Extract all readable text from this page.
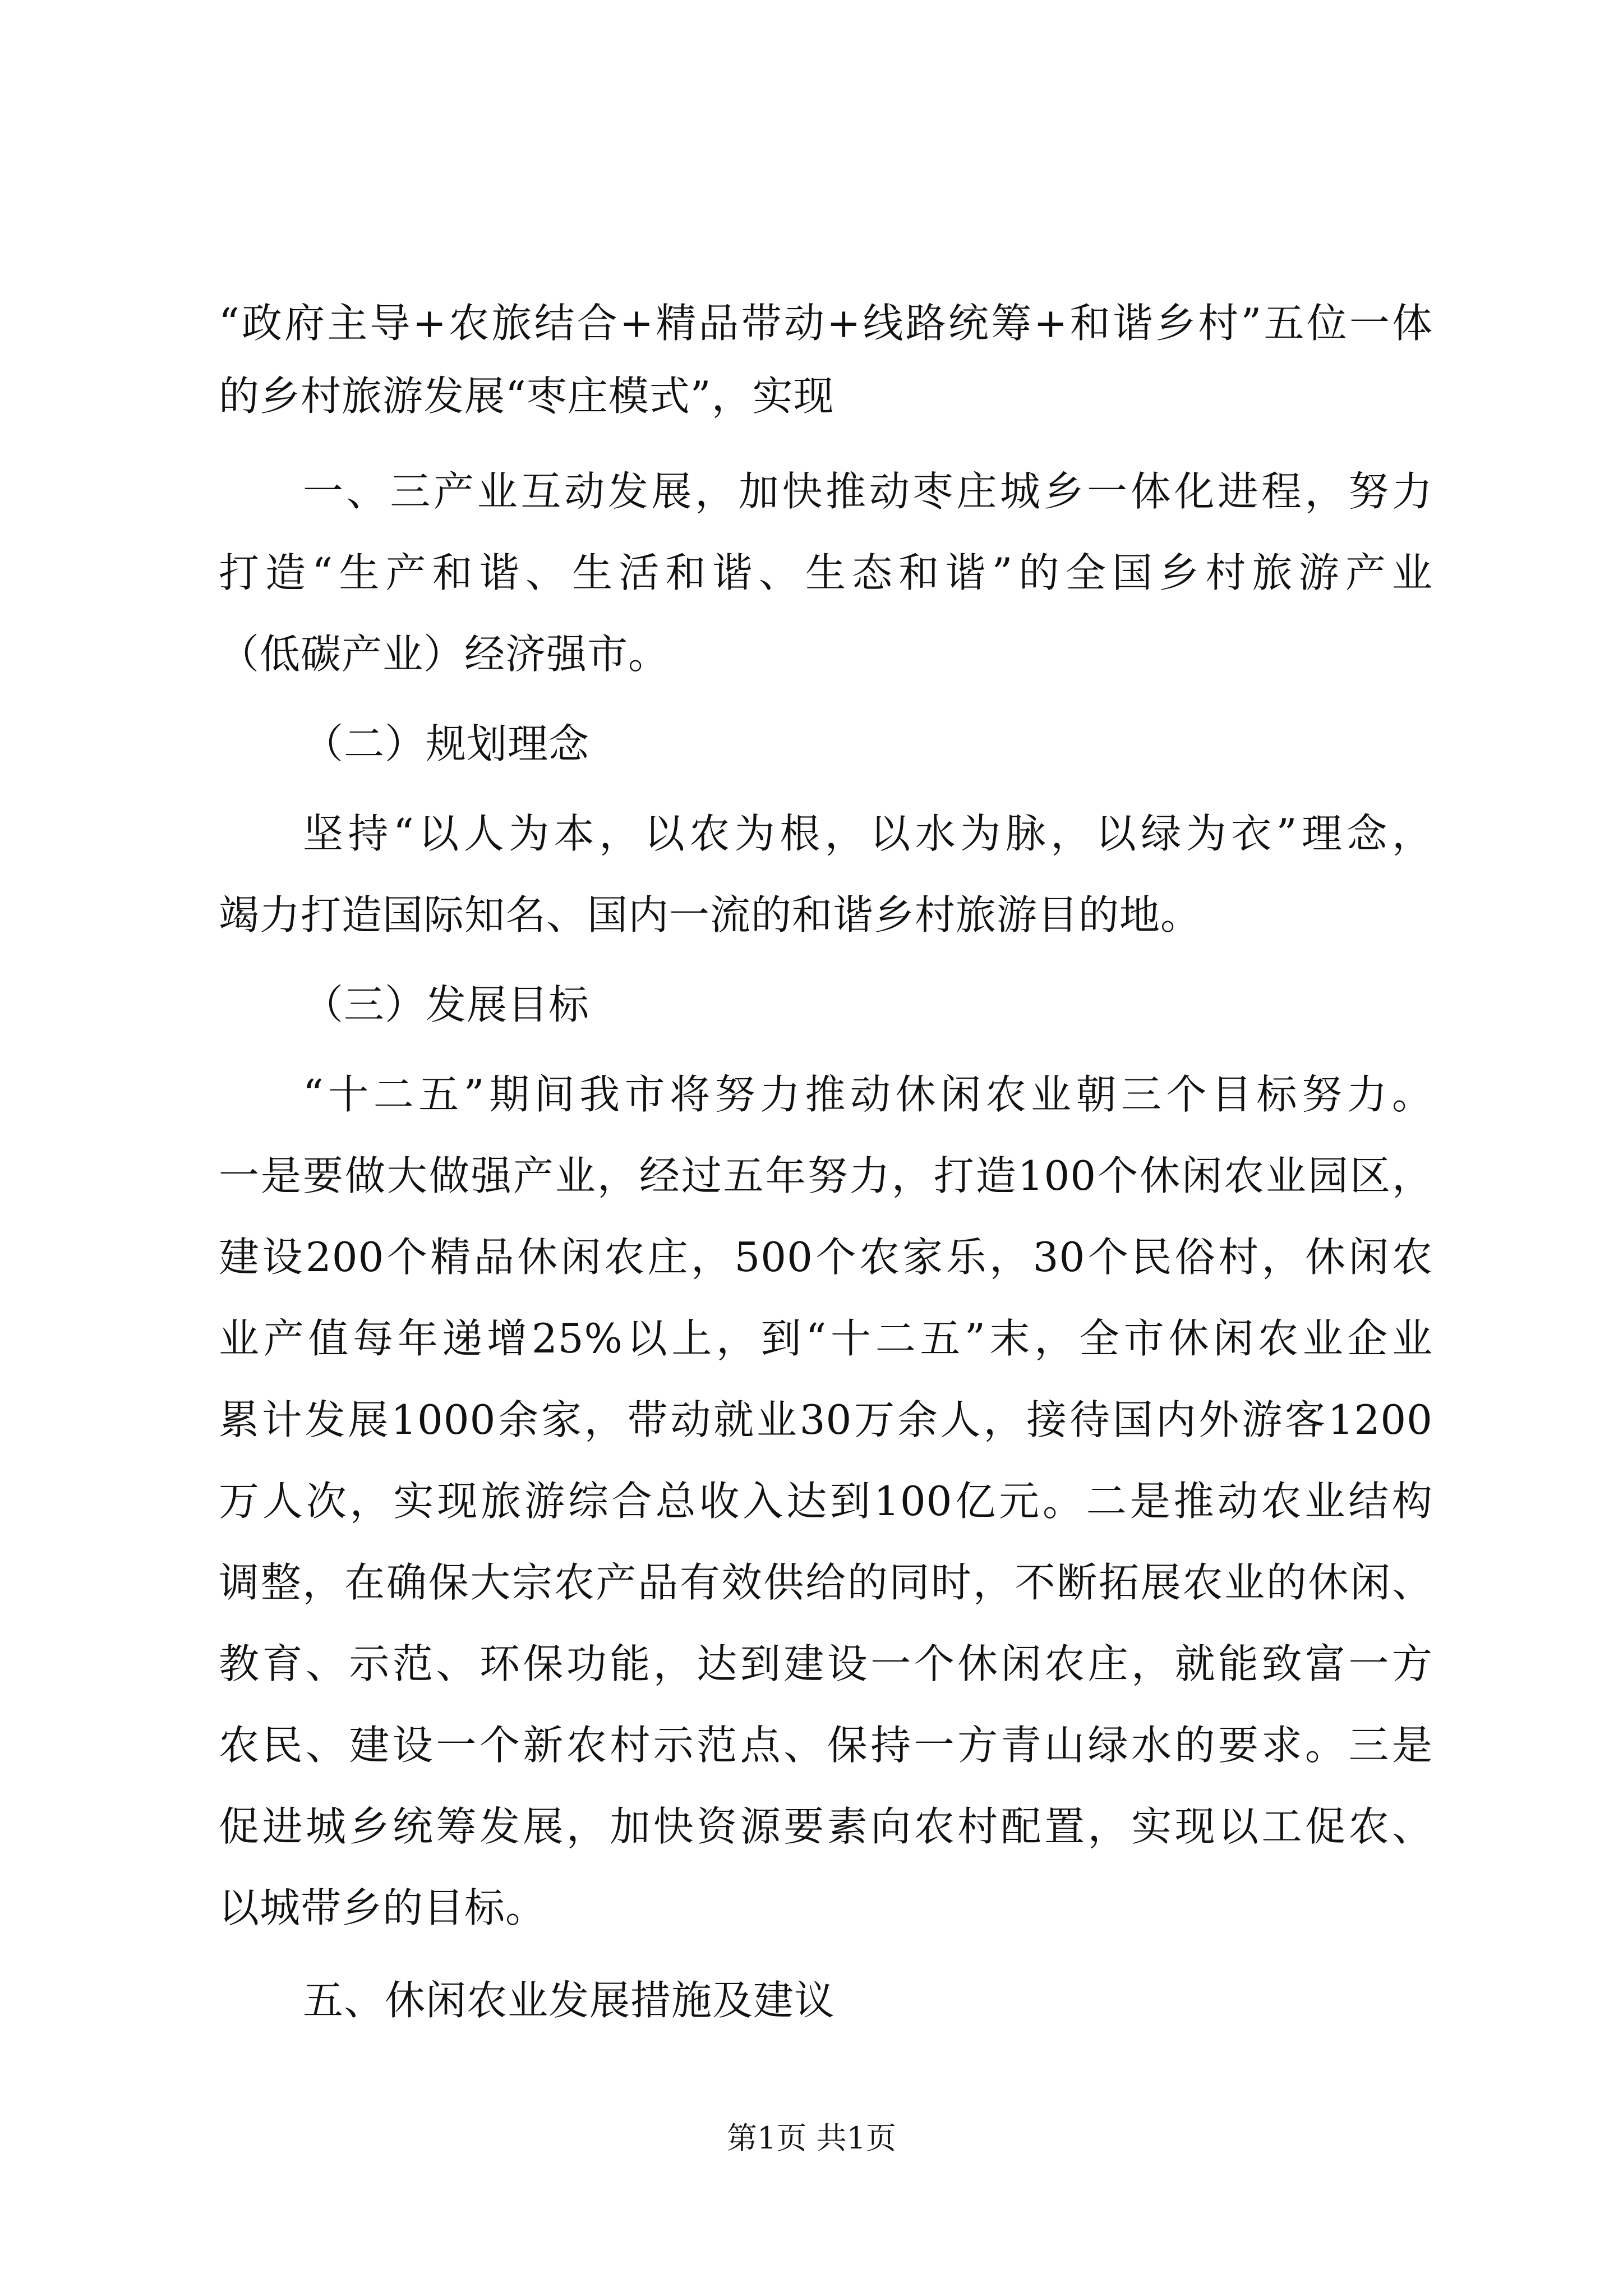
“政府主导+农旅结合+精品带动+线路统筹+和谐乡村”五位一体
的乡村旅游发展“枣庄模式”，实现
一、三产业互动发展，加快推动枣庄城乡一体化进程，努力
打造“生产和谐、生活和谐、生态和谐”的全国乡村旅游产业
（低碳产业）经济强市。
（二）规划理念
坚持“以人为本，以农为根，以水为脉，以绿为衣”理念，
竭力打造国际知名、国内一流的和谐乡村旅游目的地。
（三）发展目标
“十二五”期间我市将努力推动休闲农业朝三个目标努力。
一是要做大做强产业，经过五年努力，打造100个休闲农业园区，
建设200个精品休闲农庄，500个农家乐，30个民俗村，休闲农
业产值每年递增25%以上，到“十二五”末，全市休闲农业企业
累计发展1000余家，带动就业30万余人，接待国内外游客1200
万人次，实现旅游综合总收入达到100亿元。二是推动农业结构
调整，在确保大宗农产品有效供给的同时，不断拓展农业的休闲、
教育、示范、环保功能，达到建设一个休闲农庄，就能致富一方
农民、建设一个新农村示范点、保持一方青山绿水的要求。三是
促进城乡统筹发展，加快资源要素向农村配置，实现以工促农、
以城带乡的目标。
五、休闲农业发展措施及建议
第1页 共1页
